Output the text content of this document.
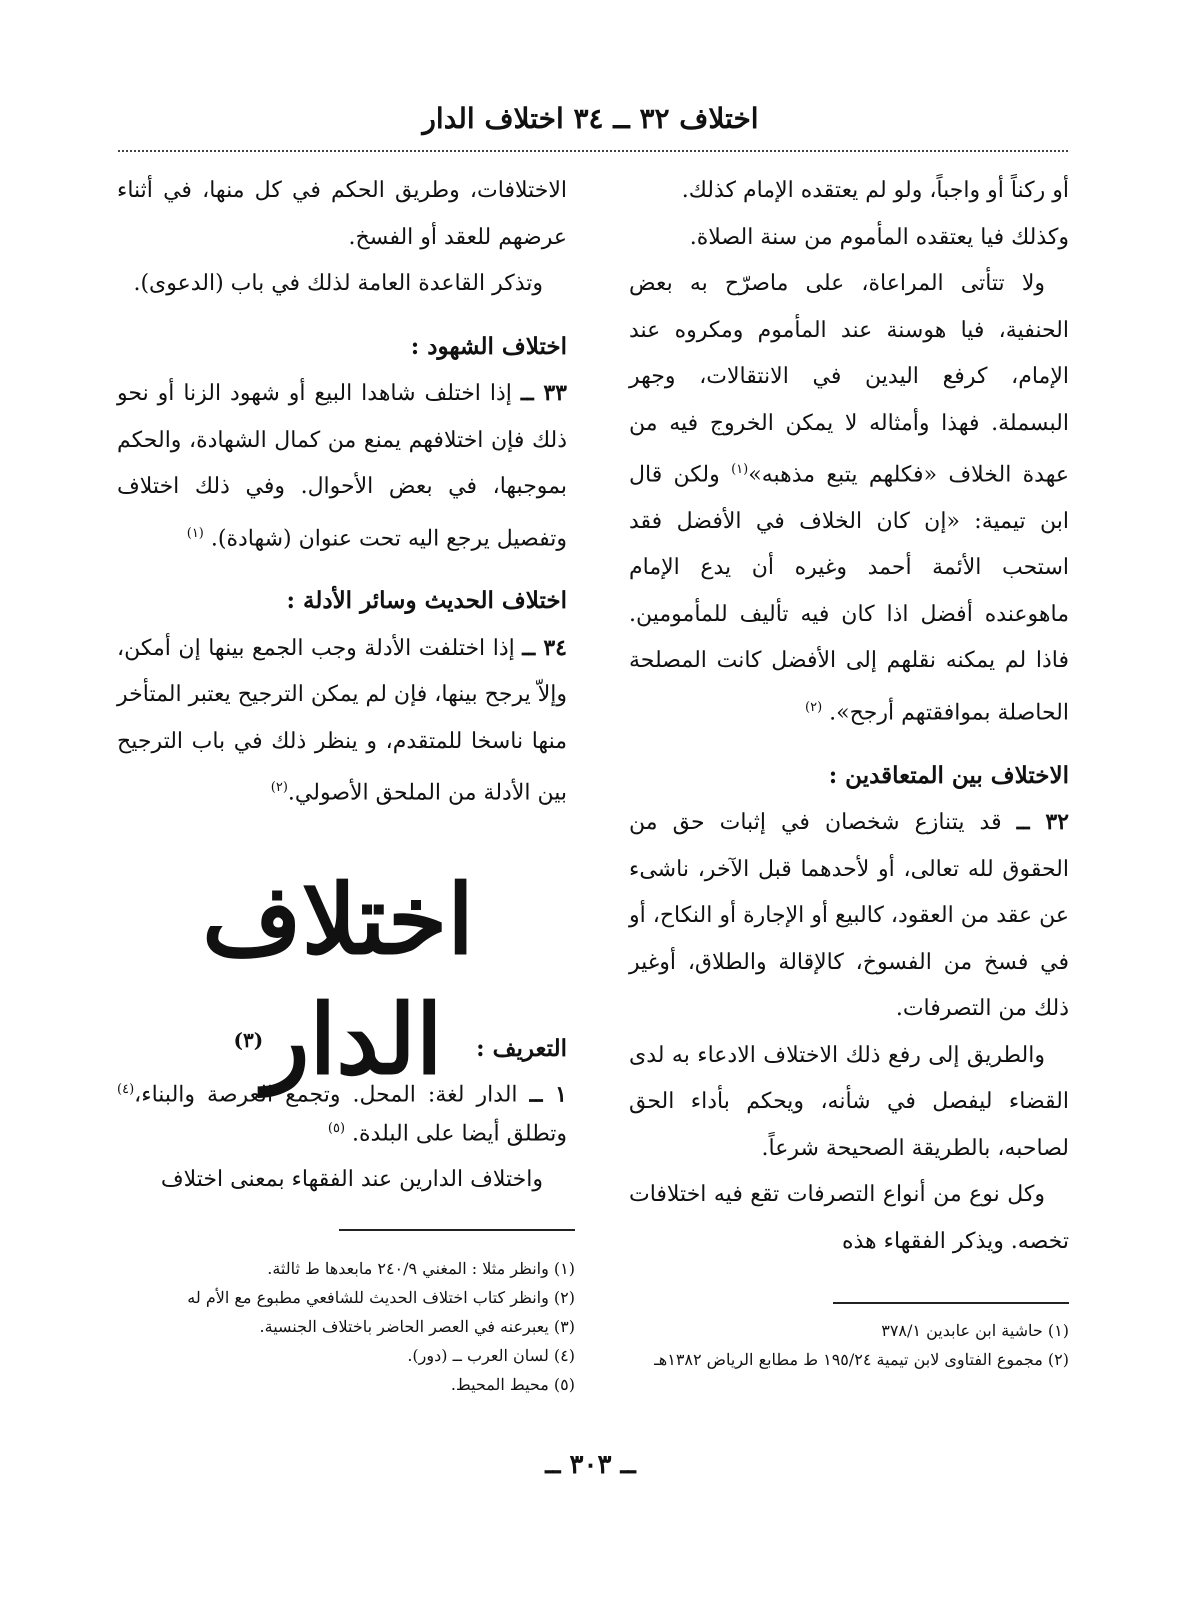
اختلاف ٣٢ ــ ٣٤ اختلاف الدار

أو ركناً أو واجباً، ولو لم يعتقده الإمام كذلك.

وكذلك فيا يعتقده المأموم من سنة الصلاة.

ولا تتأتى المراعاة، على ماصرّح به بعض الحنفية، فيا هوسنة عند المأموم ومكروه عند الإمام، كرفع اليدين في الانتقالات، وجهر البسملة. فهذا وأمثاله لا يمكن الخروج فيه من عهدة الخلاف «فكلهم يتبع مذهبه»$^{(١)}$ ولكن قال ابن تيمية: «إن كان الخلاف في الأفضل فقد استحب الأئمة أحمد وغيره أن يدع الإمام ماهوعنده أفضل اذا كان فيه تأليف للمأمومين. فاذا لم يمكنه نقلهم إلى الأفضل كانت المصلحة الحاصلة بموافقتهم أرجح». $^{(٢)}$

الاختلاف بين المتعاقدين :

٣٢ ــ قد يتنازع شخصان في إثبات حق من الحقوق لله تعالى، أو لأحدهما قبل الآخر، ناشىء عن عقد من العقود، كالبيع أو الإجارة أو النكاح، أو في فسخ من الفسوخ، كالإقالة والطلاق، أوغير ذلك من التصرفات.

والطريق إلى رفع ذلك الاختلاف الادعاء به لدى القضاء ليفصل في شأنه، ويحكم بأداء الحق لصاحبه، بالطريقة الصحيحة شرعاً.

وكل نوع من أنواع التصرفات تقع فيه اختلافات تخصه. ويذكر الفقهاء هذه

الاختلافات، وطريق الحكم في كل منها، في أثناء عرضهم للعقد أو الفسخ.

وتذكر القاعدة العامة لذلك في باب (الدعوى).

اختلاف الشهود :

٣٣ ــ إذا اختلف شاهدا البيع أو شهود الزنا أو نحو ذلك فإن اختلافهم يمنع من كمال الشهادة، والحكم بموجبها، في بعض الأحوال. وفي ذلك اختلاف وتفصيل يرجع اليه تحت عنوان (شهادة). $^{(١)}$

اختلاف الحديث وسائر الأدلة :

٣٤ ــ إذا اختلفت الأدلة وجب الجمع بينها إن أمكن، وإلاّ يرجح بينها، فإن لم يمكن الترجيح يعتبر المتأخر منها ناسخا للمتقدم، و ينظر ذلك في باب الترجيح بين الأدلة من الملحق الأصولي.$^{(٢)}$

اختلاف الدار$^{(٣)}$	التعريف :

١ ــ الدار لغة: المحل. وتجمع العرصة والبناء،$^{(٤)}$ وتطلق أيضا على البلدة. $^{(٥)}$

واختلاف الدارين عند الفقهاء بمعنى اختلاف

(١) حاشية ابن عابدين ٣٧٨/١

(٢) مجموع الفتاوى لابن تيمية ١٩٥/٢٤ ط مطابع الرياض ١٣٨٢هـ

(١) وانظر مثلا : المغني ٢٤٠/٩ مابعدها ط ثالثة.

(٢) وانظر كتاب اختلاف الحديث للشافعي مطبوع مع الأم له

(٣) يعبرعنه في العصر الحاضر باختلاف الجنسية.

(٤) لسان العرب ــ (دور).

(٥) محيط المحيط.

ــ ٣٠٣ ــ
